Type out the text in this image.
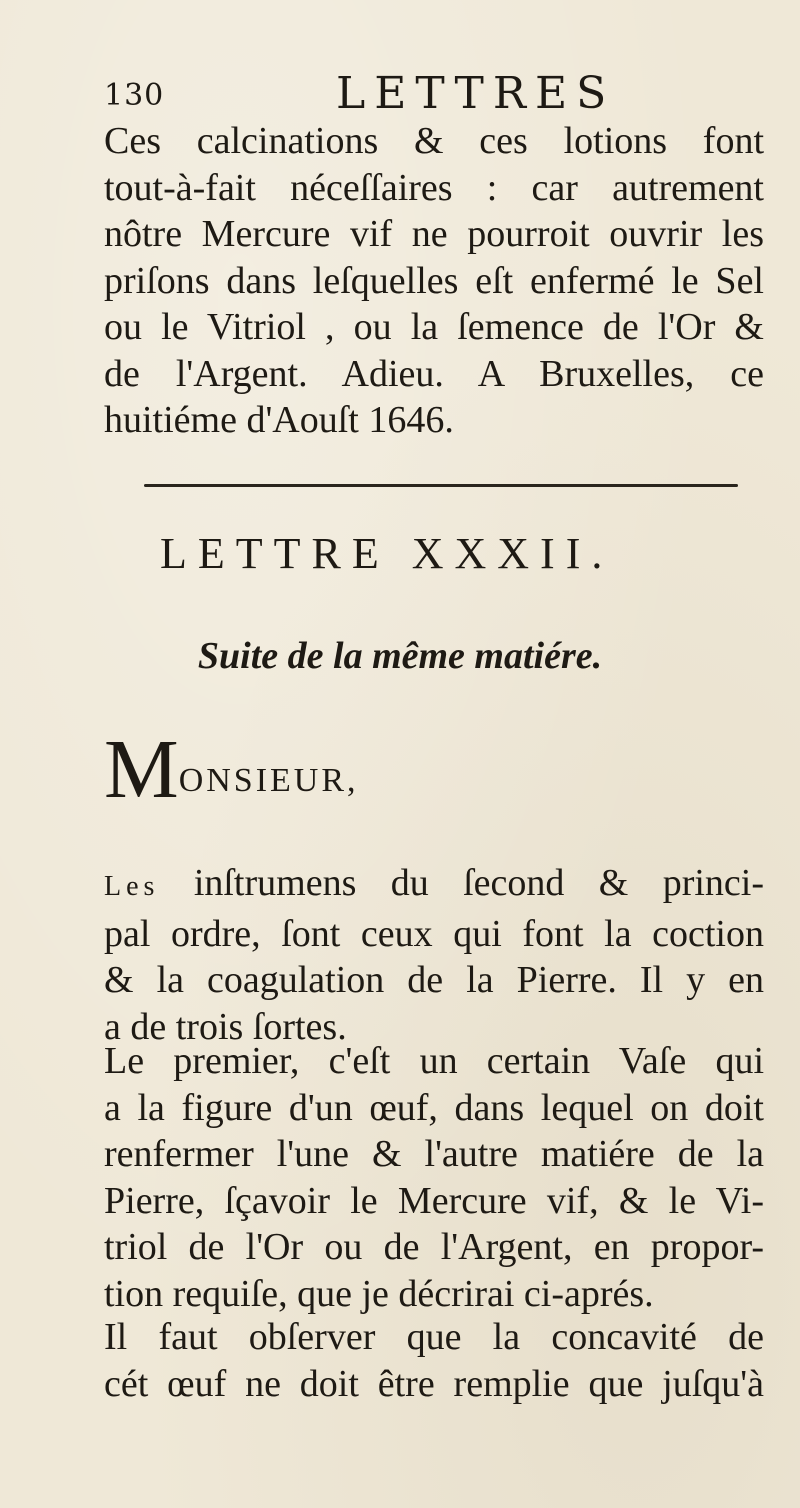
130	LETTRES
Ces calcinations & ces lotions font
tout-à-fait néceſſaires : car autrement
nôtre Mercure vif ne pourroit ouvrir les
priſons dans leſquelles eſt enfermé le Sel
ou le Vitriol , ou la ſemence de l'Or &
de l'Argent. Adieu. A Bruxelles, ce
huitiéme d'Aouſt 1646.
LETTRE XXXII.
Suite de la même matiére.
MONSIEUR,
Les inſtrumens du ſecond & princi-
pal ordre, ſont ceux qui font la coction
& la coagulation de la Pierre. Il y en
a de trois ſortes.
Le premier, c'eſt un certain Vaſe qui
a la figure d'un œuf, dans lequel on doit
renfermer l'une & l'autre matiére de la
Pierre, ſçavoir le Mercure vif, & le Vi-
triol de l'Or ou de l'Argent, en propor-
tion requiſe, que je décrirai ci-aprés.
Il faut obſerver que la concavité de
cét œuf ne doit être remplie que juſqu'à
